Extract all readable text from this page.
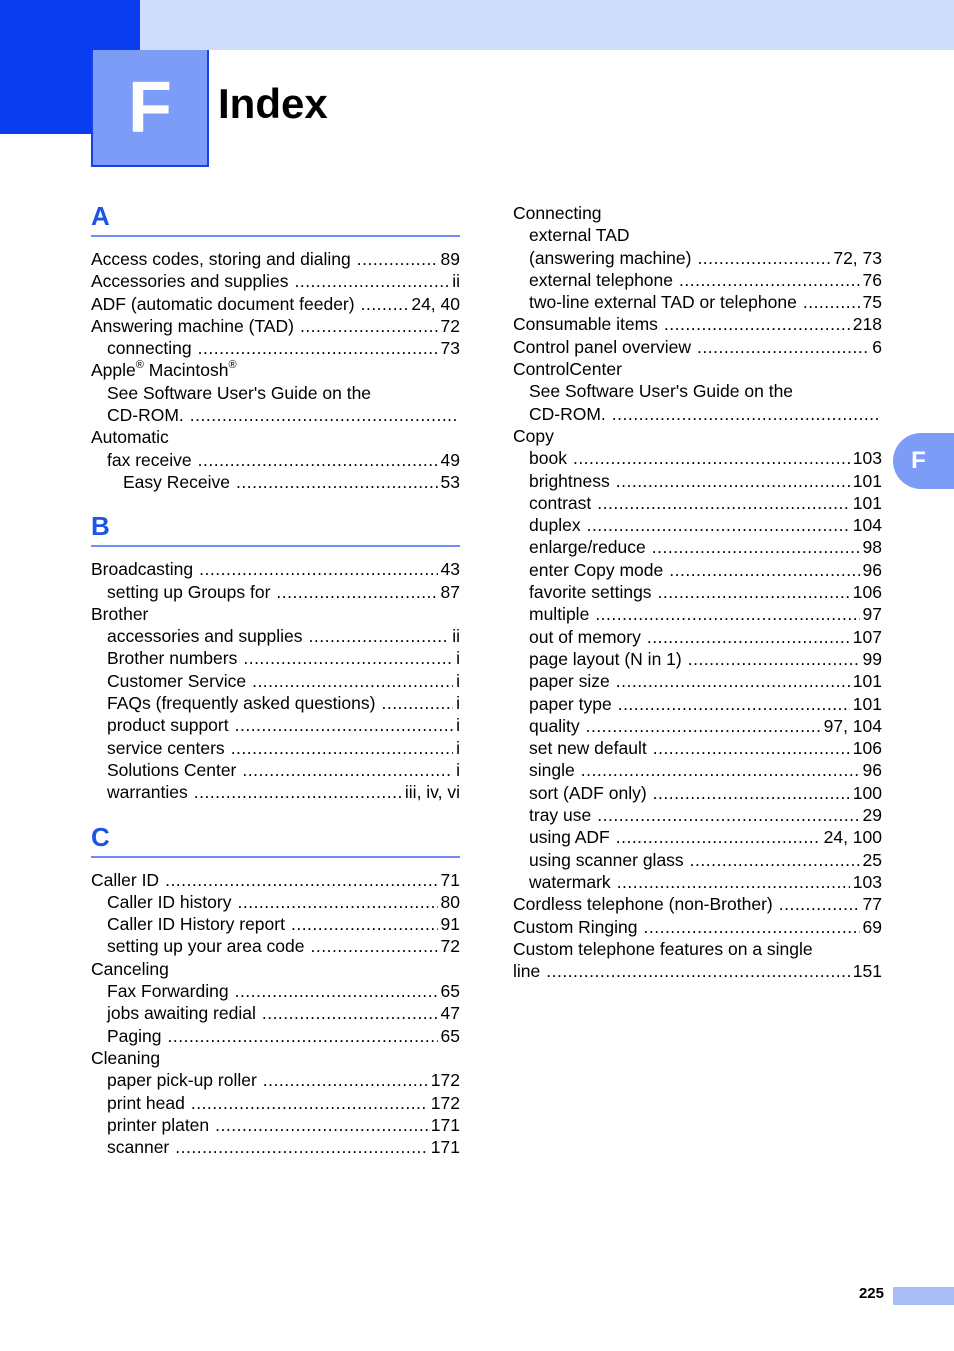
F Index
F
A
Access codes, storing and dialing .....	89
Accessories and supplies .....	ii
ADF (automatic document feeder) .....	24, 40
Answering machine (TAD) .....	72
connecting .....	73
Apple® Macintosh®
See Software User's Guide on the
CD-ROM.
.....
Automatic
fax receive .....	49
Easy Receive .....	53
B
Broadcasting .....	43
setting up Groups for .....	87
Brother
accessories and supplies .....	ii
Brother numbers .....	i
Customer Service .....	i
FAQs (frequently asked questions) .....	i
product support .....	i
service centers .....	i
Solutions Center .....	i
warranties .....	iii, iv, vi
C
Caller ID .....	71
Caller ID history .....	80
Caller ID History report .....	91
setting up your area code .....	72
Canceling
Fax Forwarding .....	65
jobs awaiting redial .....	47
Paging .....	65
Cleaning
paper pick-up roller .....	172
print head .....	172
printer platen .....	171
scanner .....	171
Connecting
external TAD
(answering machine) .....	72, 73
external telephone .....	76
two-line external TAD or telephone .....	75
Consumable items .....	218
Control panel overview .....	6
ControlCenter
See Software User's Guide on the
CD-ROM.
.....
Copy
book .....	103
brightness .....	101
contrast .....	101
duplex .....	104
enlarge/reduce .....	98
enter Copy mode .....	96
favorite settings .....	106
multiple .....	97
out of memory .....	107
page layout (N in 1) .....	99
paper size .....	101
paper type .....	101
quality .....	97, 104
set new default .....	106
single .....	96
sort (ADF only) .....	100
tray use .....	29
using ADF .....	24, 100
using scanner glass .....	25
watermark .....	103
Cordless telephone (non-Brother) .....	77
Custom Ringing .....	69
Custom telephone features on a single
line .....	151
225
